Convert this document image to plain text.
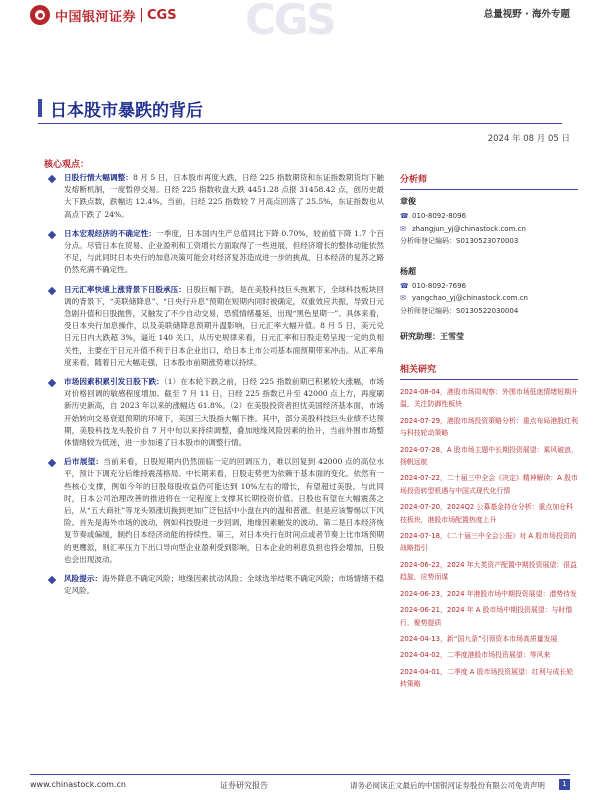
中国银河证券 CGS CGS	总量视野 · 海外专题
日本股市暴跌的背后
2024 年 08 月 05 日
核心观点：
日股行情大幅调整：8 月 5 日，日本股市再度大跌，日经 225 指数期货和东证指数期货均下触发熔断机制，一度暂停交易。日经 225 指数收盘大跌 4451.28 点报 31458.42 点，创历史最大下跌点数，跌幅达 12.4%。当前，日经 225 指数较 7 月高点回落了 25.5%，东证指数也从高点下跌了 24%。
日本宏观经济的不确定性：一季度，日本国内生产总值同比下降 0.70%，较前值下降 1.7 个百分点。尽管日本在贸易、企业盈利和工资增长方面取得了一些进展，但经济增长的整体动能依然不足，与此同时日本央行的加息决策可能会对经济复苏造成进一步的挑战，日本经济的复苏之路仍然充满不确定性。
日元汇率快速上涨背景下日股承压：日股巨幅下跌，是在美股科技巨头拖累下，全球科技板块回调的背景下，“美联储降息”、“日央行升息”预期在短期内同时被确定，双重效应共振，导致日元急剧升值和日股抛售，又触发了不少自动交易，恐慌情绪蔓延，出现“黑色星期一”。具体来看，受日本央行加息操作，以及美联储降息预期升温影响，日元汇率大幅升值。8 月 5 日，美元兑日元日内大跌超 3%，逼近 140 关口，从历史规律来看，日元汇率和日股走势呈现一定的负相关性，主要在于日元升值不利于日本企业出口，给日本上市公司基本面预期带来冲击。从汇率角度来看，随着日元大幅走强，日本股市前期涨势难以持续。
市场因素积累引发日股下跌：（1）在本轮下跌之前，日经 225 指数前期已积累较大涨幅，市场对价格回调的敏感程度增加。截至 7 月 11 日，日经 225 指数已升至 42000 点上方，再度刷新历史新高，自 2023 年以来的涨幅达 61.8%。（2）在美股投资者担忧美国经济基本面，市场开始转向交易衰退预期的环境下，美国三大股指大幅下挫。其中，部分美股科技巨头业绩不达预期，美股科技龙头股价自 7 月中旬以来持续调整，叠加地缘风险因素的抬升，当前外围市场整体情绪较为低迷，进一步加速了日本股市的调整行情。
后市展望：当前来看，日股短期内仍然面临一定的回调压力，难以回复到 42000 点的高位水平，预计下调充分后维持震荡格局。中长期来看，日股走势更为依赖于基本面的变化。依然有一些核心支撑，例如今年的日股每股收益仍可能达到 10%左右的增长，有望超过美股。与此同时，日本公司治理改善的推进将在一定程度上支撑其长期投资价值。日股也有望在大幅震荡之后，从“五大商社”等龙头领涨切换到更加广泛包括中小盘在内的温和普涨。但是应该警惕以下风险。首先是海外市场的波动，例如科技股进一步回调，地缘因素触发的波动。第二是日本经济恢复节奏或偏缓，制约日本经济动能的持续性。第三，对日本央行在时间点或者节奏上比市场预期的更鹰派，则汇率压力下出口导向型企业盈利受到影响，日本企业的利息负担也将会增加，日股也会出现波动。
风险提示：海外降息不确定风险；地缘因素扰动风险；全球选举结果不确定风险；市场情绪不稳定风险。
分析师
章俊
☎ 010-8092-8096
✉ zhangjun_yj@chinastock.com.cn
分析师登记编码：S0130523070003
杨超
☎ 010-8092-7696
✉ yangchao_yj@chinastock.com.cn
分析师登记编码：S0130522030004
研究助理：王雪莹
相关研究
2024-08-04，港股市场周观察：外围市场低迷情绪短期升温，关注防御性板块
2024-07-29，港股市场投资策略分析：重点布局港股红利与科技轮动策略
2024-07-28，A 股市场主题中长期投资展望：乘风破浪，扬帆远航
2024-07-22，二十届三中全会《决定》精神解读：A 股市场投资转型机遇与中国式现代化行情
2024-07-20，2024Q2 公募基金持仓分析：重点加仓科技板块，港股市场配置热度上升
2024-07-18，《二十届三中全会公报》对 A 股市场投资的战略指引
2024-06-22，2024 年大类资产配置中期投资展望：很益趋旋，应势而谋
2024-06-23，2024 年港股市场中期投资展望：潜势待发
2024-06-21，2024 年 A 股市场中期投资展望：与时偕行，聚势提质
2024-04-13，新“国九条”引领资本市场高质量发展
2024-04-02，二季度港股市场投资展望：等风来
2024-04-01，二季度 A 股市场投资展望：红利与成长轮转策略
www.chinastock.com.cn	证券研究报告	请务必阅读正文最后的中国银河证券股份有限公司免责声明	1
